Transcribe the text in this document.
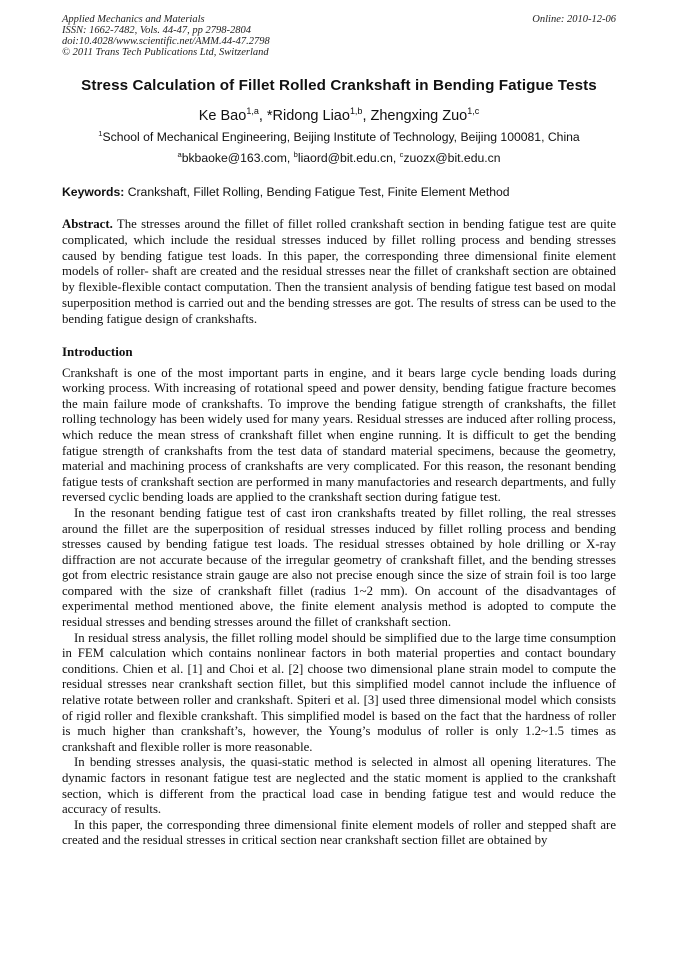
Applied Mechanics and Materials
ISSN: 1662-7482, Vols. 44-47, pp 2798-2804
doi:10.4028/www.scientific.net/AMM.44-47.2798
© 2011 Trans Tech Publications Ltd, Switzerland
Online: 2010-12-06
Stress Calculation of Fillet Rolled Crankshaft in Bending Fatigue Tests
Ke Bao$^{1,a}$, *Ridong Liao$^{1,b}$, Zhengxing Zuo$^{1,c}$
$^1$School of Mechanical Engineering, Beijing Institute of Technology, Beijing 100081, China
$^a$bkbaoke@163.com, $^b$liaord@bit.edu.cn, $^c$zuozx@bit.edu.cn
Keywords: Crankshaft, Fillet Rolling, Bending Fatigue Test, Finite Element Method
Abstract. The stresses around the fillet of fillet rolled crankshaft section in bending fatigue test are quite complicated, which include the residual stresses induced by fillet rolling process and bending stresses caused by bending fatigue test loads. In this paper, the corresponding three dimensional finite element models of roller- shaft are created and the residual stresses near the fillet of crankshaft section are obtained by flexible-flexible contact computation. Then the transient analysis of bending fatigue test based on modal superposition method is carried out and the bending stresses are got. The results of stress can be used to the bending fatigue design of crankshafts.
Introduction

Crankshaft is one of the most important parts in engine, and it bears large cycle bending loads during working process. With increasing of rotational speed and power density, bending fatigue fracture becomes the main failure mode of crankshafts. To improve the bending fatigue strength of crankshafts, the fillet rolling technology has been widely used for many years. Residual stresses are induced after rolling process, which reduce the mean stress of crankshaft fillet when engine running. It is difficult to get the bending fatigue strength of crankshafts from the test data of standard material specimens, because the geometry, material and machining process of crankshafts are very complicated. For this reason, the resonant bending fatigue tests of crankshaft section are performed in many manufactories and research departments, and fully reversed cyclic bending loads are applied to the crankshaft section during fatigue test.

In the resonant bending fatigue test of cast iron crankshafts treated by fillet rolling, the real stresses around the fillet are the superposition of residual stresses induced by fillet rolling process and bending stresses caused by bending fatigue test loads. The residual stresses obtained by hole drilling or X-ray diffraction are not accurate because of the irregular geometry of crankshaft fillet, and the bending stresses got from electric resistance strain gauge are also not precise enough since the size of strain foil is too large compared with the size of crankshaft fillet (radius 1~2 mm). On account of the disadvantages of experimental method mentioned above, the finite element analysis method is adopted to compute the residual stresses and bending stresses around the fillet of crankshaft section.

In residual stress analysis, the fillet rolling model should be simplified due to the large time consumption in FEM calculation which contains nonlinear factors in both material properties and contact boundary conditions. Chien et al. [1] and Choi et al. [2] choose two dimensional plane strain model to compute the residual stresses near crankshaft section fillet, but this simplified model cannot include the influence of relative rotate between roller and crankshaft. Spiteri et al. [3] used three dimensional model which consists of rigid roller and flexible crankshaft. This simplified model is based on the fact that the hardness of roller is much higher than crankshaft’s, however, the Young’s modulus of roller is only 1.2~1.5 times as crankshaft and flexible roller is more reasonable.

In bending stresses analysis, the quasi-static method is selected in almost all opening literatures. The dynamic factors in resonant fatigue test are neglected and the static moment is applied to the crankshaft section, which is different from the practical load case in bending fatigue test and would reduce the accuracy of results.

In this paper, the corresponding three dimensional finite element models of roller and stepped shaft are created and the residual stresses in critical section near crankshaft section fillet are obtained by
